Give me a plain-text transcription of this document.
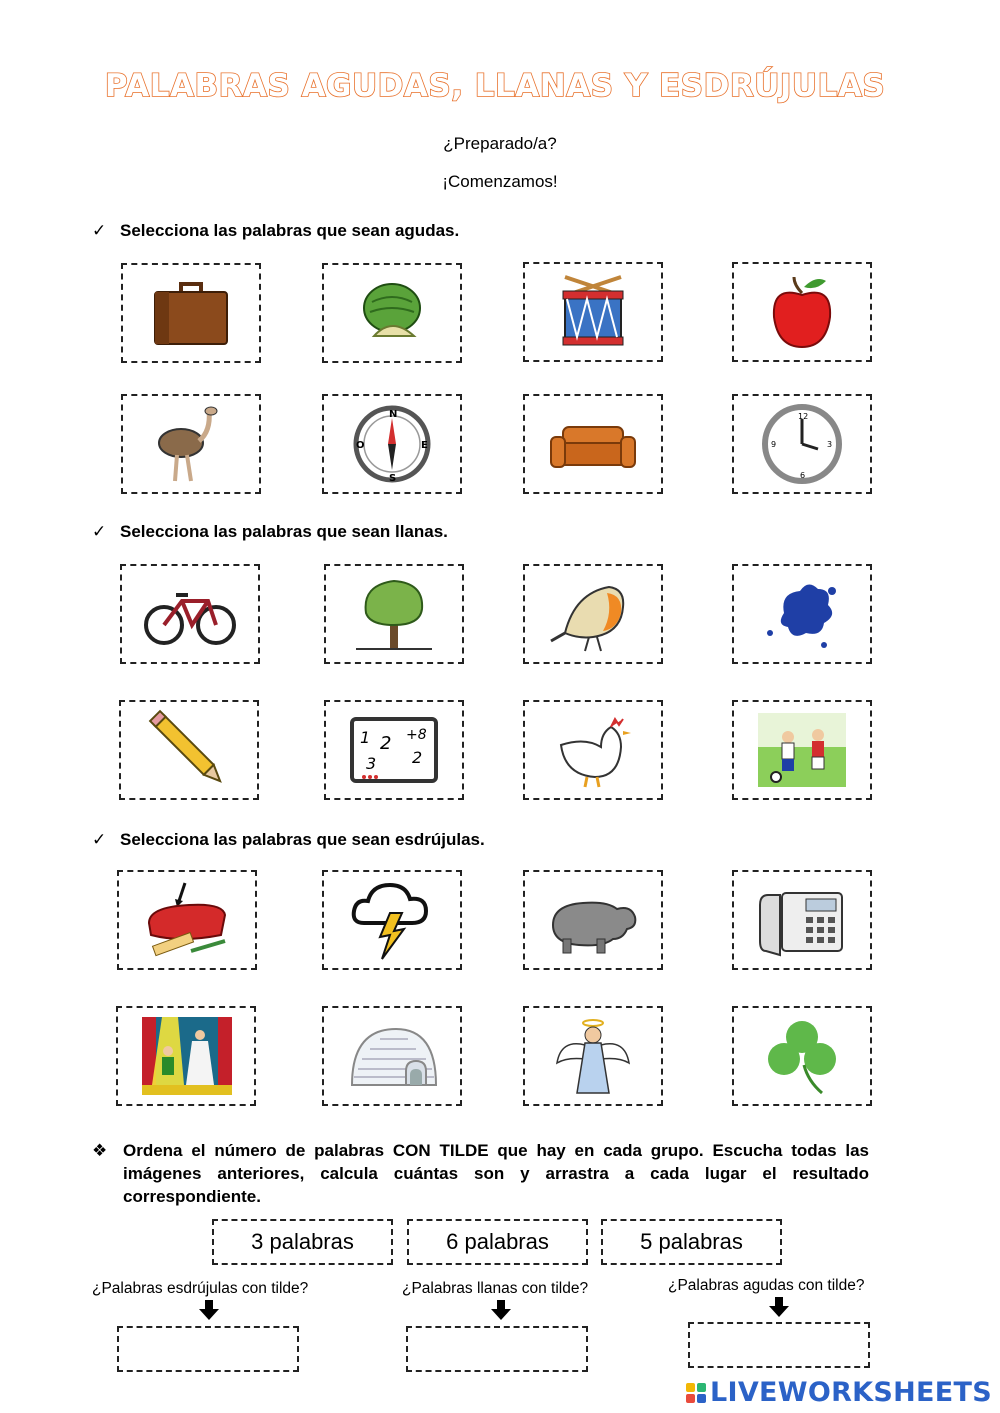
PALABRAS AGUDAS, LLANAS Y ESDRÚJULAS
¿Preparado/a?
¡Comenzamos!
✓ Selecciona las palabras que sean agudas.
N
S
E
O
12
3
6
9
✓ Selecciona las palabras que sean llanas.
1 2 +8
3 2
✓ Selecciona las palabras que sean esdrújulas.
❖ Ordena el número de palabras CON TILDE que hay en cada grupo. Escucha todas las imágenes anteriores, calcula cuántas son y arrastra a cada lugar el resultado correspondiente.
3 palabras	6 palabras	5 palabras
¿Palabras esdrújulas con tilde?	¿Palabras llanas con tilde?	¿Palabras agudas con tilde?
LIVEWORKSHEETS
